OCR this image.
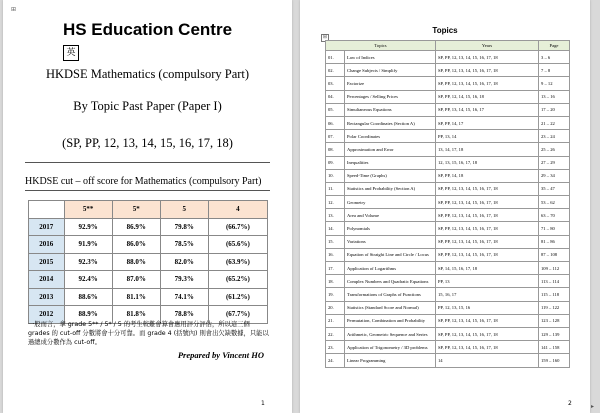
HS Education Centre
英
HKDSE Mathematics (compulsory Part)
By Topic Past Paper (Paper I)
(SP, PP, 12, 13, 14, 15, 16, 17, 18)
HKDSE cut – off score for Mathematics (compulsory Part)
	5**	5*	5	4
2017	92.9%	86.9%	79.8%	(66.7%)
2016	91.9%	86.0%	78.5%	(65.6%)
2015	92.3%	88.0%	82.0%	(63.9%)
2014	92.4%	87.0%	79.3%	(65.2%)
2013	88.6%	81.1%	74.1%	(61.2%)
2012	88.9%	81.8%	78.8%	(67.7%)
一般而言，拿 grade 5** / 5* / 5 的考生較難會算會應用評分評估，所以這三個 grades 的 cut-off 分數將會十分可靠。而 grade 4 (括號內) 則會出欠缺數據，只能以過總成分數作為 cut-off。
Prepared by Vincent HO
1
⊞
Topics
⊞
Topics		Years	Page
01.	Law of Indices	SP, PP, 12, 13, 14, 15, 16, 17, 18	3 – 6
02.	Change Subjects / Simplify	SP, PP, 12, 13, 14, 15, 16, 17, 18	7 – 8
03.	Factorize	SP, PP, 12, 13, 14, 15, 16, 17, 18	9 – 12
04.	Percentages / Selling Prices	SP, PP, 12, 14, 15, 16, 18	13 – 16
05.	Simultaneous Equations	SP, PP, 13, 14, 15, 16, 17	17 – 20
06.	Rectangular Coordinates (Section A)	SP, PP, 14, 17	21 – 22
07.	Polar Coordinates	PP, 13, 14	23 – 24
08.	Approximation and Error	13, 14, 17, 18	25 – 26
09.	Inequalities	12, 13, 15, 16, 17, 18	27 – 29
10.	Speed-Time (Graphs)	SP, PP, 14, 18	29 – 34
11.	Statistics and Probability (Section A)	SP, PP, 12, 13, 14, 15, 16, 17, 18	35 – 47
12.	Geometry	SP, PP, 12, 13, 14, 15, 16, 17, 18	53 – 62
13.	Area and Volume	SP, PP, 12, 13, 14, 15, 16, 17, 18	63 – 70
14.	Polynomials	SP, PP, 12, 13, 14, 15, 16, 17, 18	71 – 80
15.	Variations	SP, PP, 12, 13, 14, 15, 16, 17, 18	81 – 86
16.	Equation of Straight Line and Circle / Locus	SP, PP, 12, 13, 14, 15, 16, 17, 18	87 – 108
17.	Application of Logarithms	SP, 14, 15, 16, 17, 18	109 – 112
18.	Complex Numbers and Quadratic Equations	PP, 13	113 – 114
19.	Transformations of Graphs of Functions	15, 16, 17	115 – 118
20.	Statistics (Standard Score and Normal)	PP, 12, 13, 15, 16	119 – 122
21.	Permutation, Combination and Probability	SP, PP, 12, 13, 14, 15, 16, 17, 18	123 – 128
22.	Arithmetic, Geometric Sequence and Series	SP, PP, 12, 13, 14, 15, 16, 17, 18	129 – 139
23.	Application of Trigonometry / 3D problems	SP, PP, 12, 13, 14, 15, 16, 17, 18	141 – 158
24.	Linear Programming	14	159 – 160
2	▸
